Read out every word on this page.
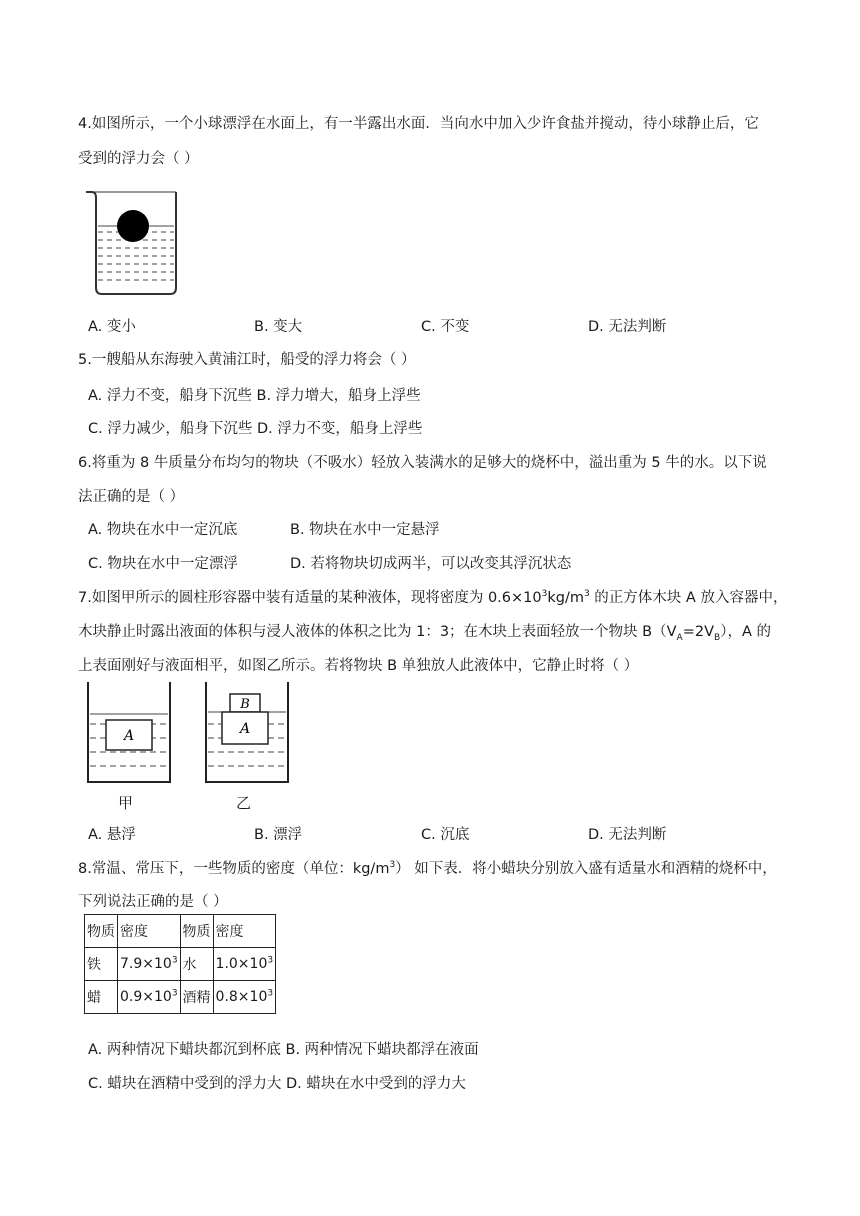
4.如图所示，一个小球漂浮在水面上，有一半露出水面．当向水中加入少许食盐并搅动，待小球静止后，它
受到的浮力会（ ）
A. 变小	B. 变大	C. 不变	D. 无法判断
5.一艘船从东海驶入黄浦江时，船受的浮力将会（ ）
A. 浮力不变，船身下沉些 B. 浮力增大，船身上浮些
C. 浮力减少，船身下沉些 D. 浮力不变，船身上浮些
6.将重为 8 牛质量分布均匀的物块（不吸水）轻放入装满水的足够大的烧杯中，溢出重为 5 牛的水。以下说
法正确的是（ ）
A. 物块在水中一定沉底	B. 物块在水中一定悬浮
C. 物块在水中一定漂浮	D. 若将物块切成两半，可以改变其浮沉状态
7.如图甲所示的圆柱形容器中装有适量的某种液体，现将密度为 $0.6\times 10^3kg/m^3$ 的正方体木块 A 放入容器中，
木块静止时露出液面的体积与浸人液体的体积之比为 1：3；在木块上表面轻放一个物块 $B(V_A=2V_B)$，A 的
上表面刚好与液面相平，如图乙所示。若将物块 B 单独放人此液体中，它静止时将（ ）
A
甲
B
A
乙
A. 悬浮	B. 漂浮	C. 沉底	D. 无法判断
8.常温、常压下，一些物质的密度（单位：$kg/m^3$） 如下表．将小蜡块分别放入盛有适量水和酒精的烧杯中，
下列说法正确的是（ ）
物质	密度	物质	密度
铁	$7.9\times 10^3$	水	$1.0\times 10^3$
蜡	$0.9\times 10^3$	酒精	$0.8\times 10^3$
A. 两种情况下蜡块都沉到杯底 B. 两种情况下蜡块都浮在液面
C. 蜡块在酒精中受到的浮力大 D. 蜡块在水中受到的浮力大
